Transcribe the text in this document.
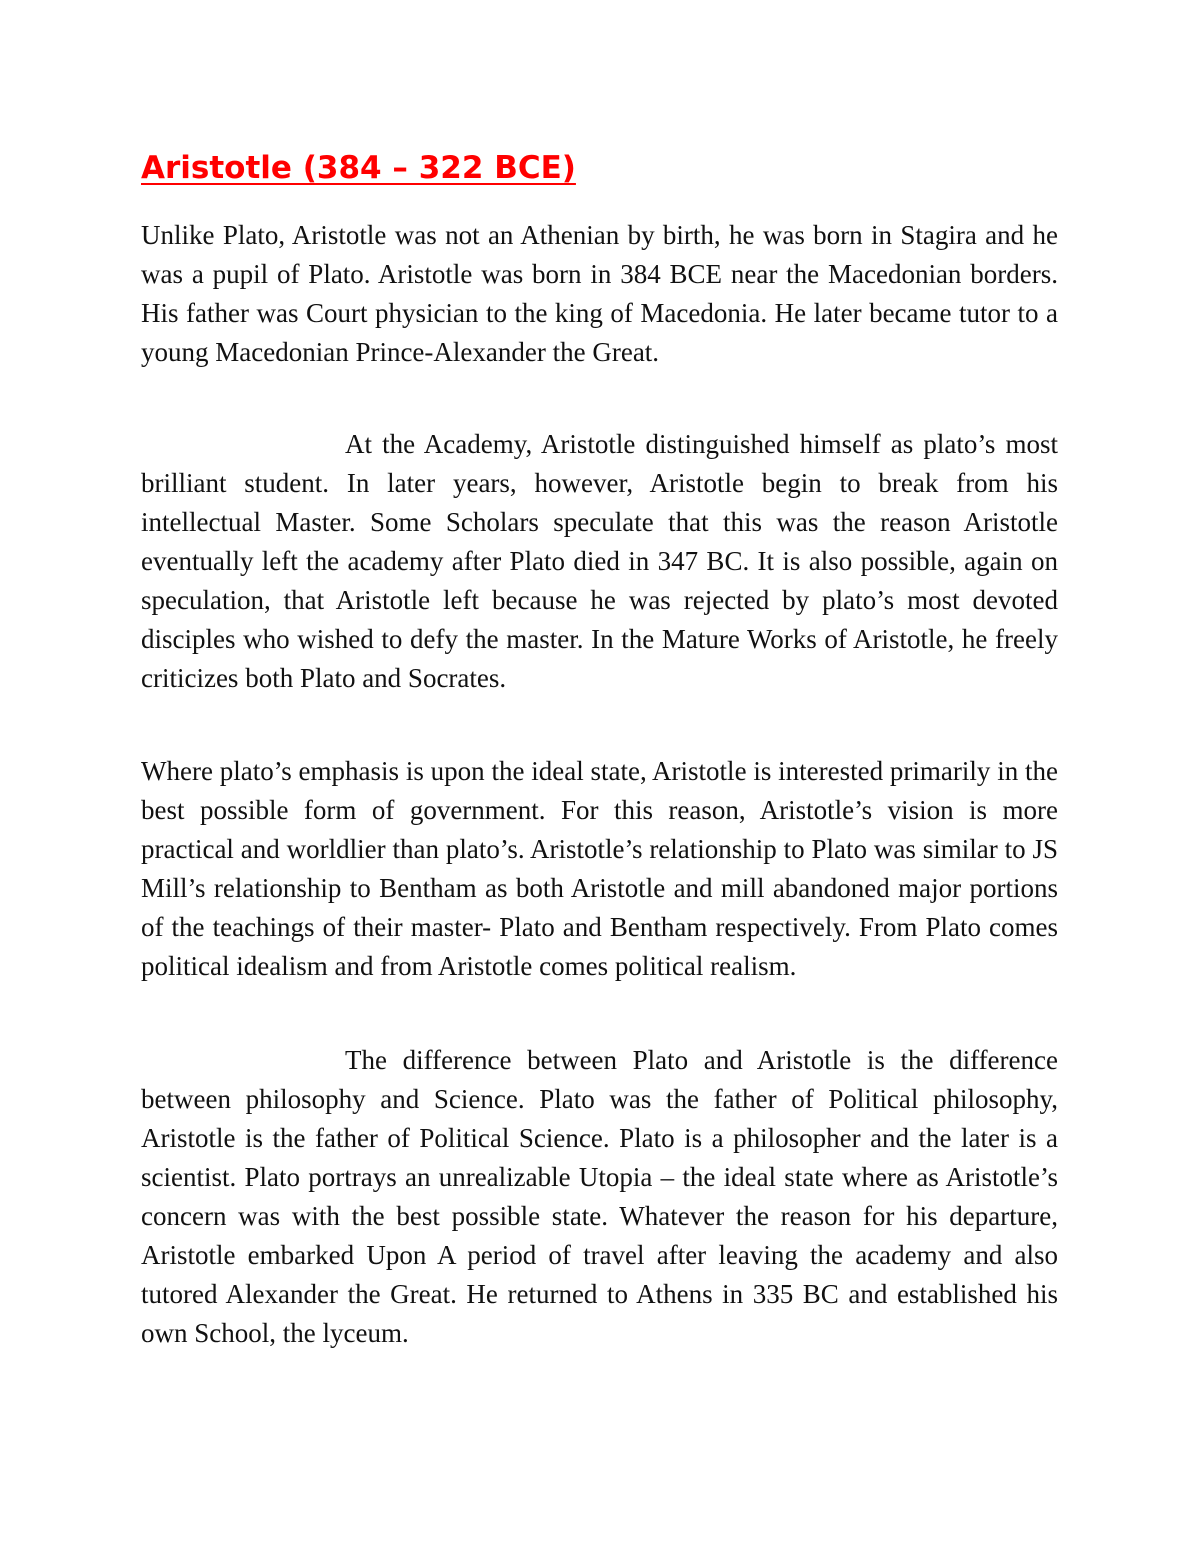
Aristotle (384 – 322 BCE)

Unlike Plato, Aristotle was not an Athenian by birth, he was born in Stagira and he was a pupil of Plato. Aristotle was born in 384 BCE near the Macedonian borders. His father was Court physician to the king of Macedonia. He later became tutor to a young Macedonian Prince-Alexander the Great.

At the Academy, Aristotle distinguished himself as plato’s most brilliant student. In later years, however, Aristotle begin to break from his intellectual Master. Some Scholars speculate that this was the reason Aristotle eventually left the academy after Plato died in 347 BC. It is also possible, again on speculation, that Aristotle left because he was rejected by plato’s most devoted disciples who wished to defy the master. In the Mature Works of Aristotle, he freely criticizes both Plato and Socrates.

Where plato’s emphasis is upon the ideal state, Aristotle is interested primarily in the best possible form of government. For this reason, Aristotle’s vision is more practical and worldlier than plato’s. Aristotle’s relationship to Plato was similar to JS Mill’s relationship to Bentham as both Aristotle and mill abandoned major portions of the teachings of their master- Plato and Bentham respectively. From Plato comes political idealism and from Aristotle comes political realism.

The difference between Plato and Aristotle is the difference between philosophy and Science. Plato was the father of Political philosophy, Aristotle is the father of Political Science. Plato is a philosopher and the later is a scientist. Plato portrays an unrealizable Utopia – the ideal state where as Aristotle’s concern was with the best possible state. Whatever the reason for his departure, Aristotle embarked Upon A period of travel after leaving the academy and also tutored Alexander the Great. He returned to Athens in 335 BC and established his own School, the lyceum.
